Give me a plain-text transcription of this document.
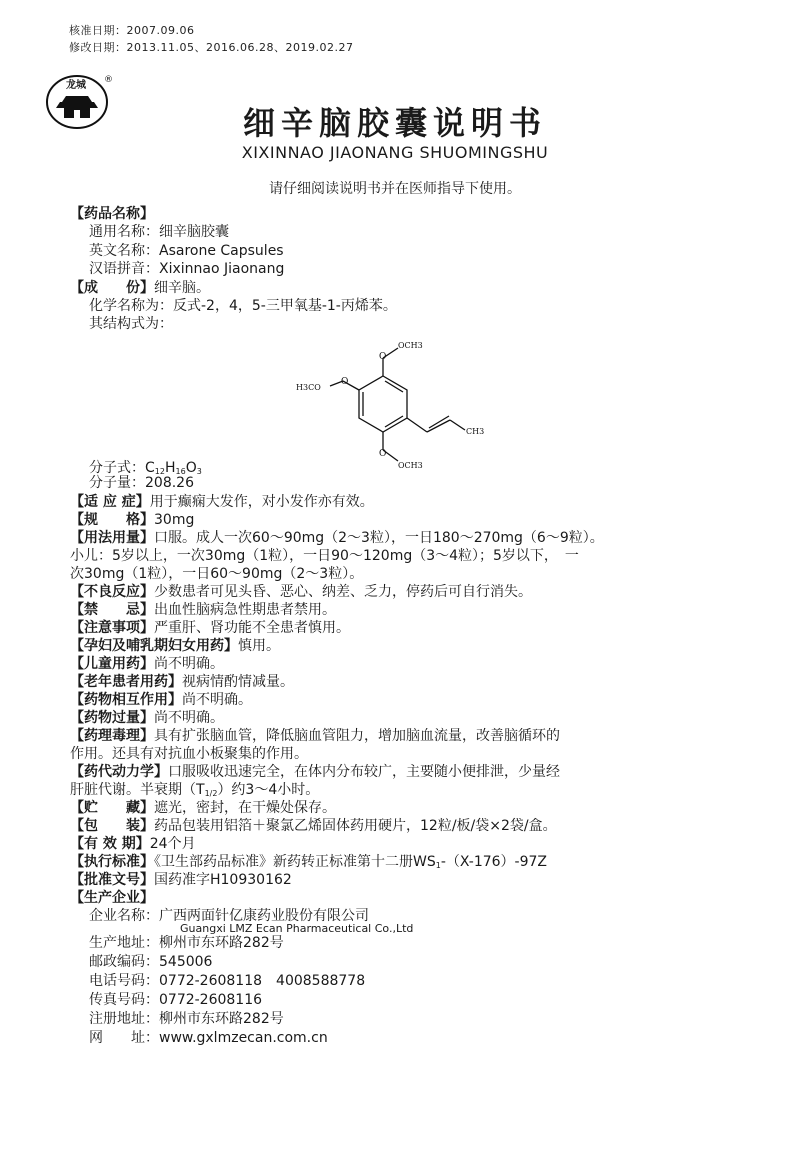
核准日期：2007.09.06
修改日期：2013.11.05、2016.06.28、2019.02.27
龙城 ®
细辛脑胶囊说明书
XIXINNAO JIAONANG SHUOMINGSHU
请仔细阅读说明书并在医师指导下使用。
【药品名称】
通用名称：细辛脑胶囊
英文名称：Asarone Capsules
汉语拼音：Xixinnao Jiaonang
【成　　份】细辛脑。
化学名称为：反式-2，4，5-三甲氧基-1-丙烯苯。
其结构式为：
O
O
O
OCH3
H3CO
OCH3
CH3
分子式：$C_{12}H_{16}O_3$
分子量：208.26
【适 应 症】用于癫痫大发作，对小发作亦有效。
【规　　格】30mg
【用法用量】口服。成人一次60～90mg（2～3粒），一日180～270mg（6～9粒）。
小儿：5岁以上，一次30mg（1粒），一日90～120mg（3～4粒）；5岁以下，　一
次30mg（1粒），一日60～90mg（2～3粒）。
【不良反应】少数患者可见头昏、恶心、纳差、乏力，停药后可自行消失。
【禁　　忌】出血性脑病急性期患者禁用。
【注意事项】严重肝、肾功能不全患者慎用。
【孕妇及哺乳期妇女用药】慎用。
【儿童用药】尚不明确。
【老年患者用药】视病情酌情减量。
【药物相互作用】尚不明确。
【药物过量】尚不明确。
【药理毒理】具有扩张脑血管，降低脑血管阻力，增加脑血流量，改善脑循环的
作用。还具有对抗血小板聚集的作用。
【药代动力学】口服吸收迅速完全，在体内分布较广，主要随小便排泄，少量经
肝脏代谢。半衰期$(T_{1/2})$约3～4小时。
【贮　　藏】遮光，密封，在干燥处保存。
【包　　装】药品包装用铝箔＋聚氯乙烯固体药用硬片，12粒/板/袋×2袋/盒。
【有 效 期】24个月
【执行标准】《卫生部药品标准》新药转正标准第十二册$WS_1-(X-176)-97Z$
【批准文号】国药准字H10930162
【生产企业】
企业名称：广西两面针亿康药业股份有限公司
Guangxi LMZ Ecan Pharmaceutical Co.,Ltd
生产地址：柳州市东环路282号
邮政编码：545006
电话号码：0772-2608118　4008588778
传真号码：0772-2608116
注册地址：柳州市东环路282号
网　　址：www.gxlmzecan.com.cn
